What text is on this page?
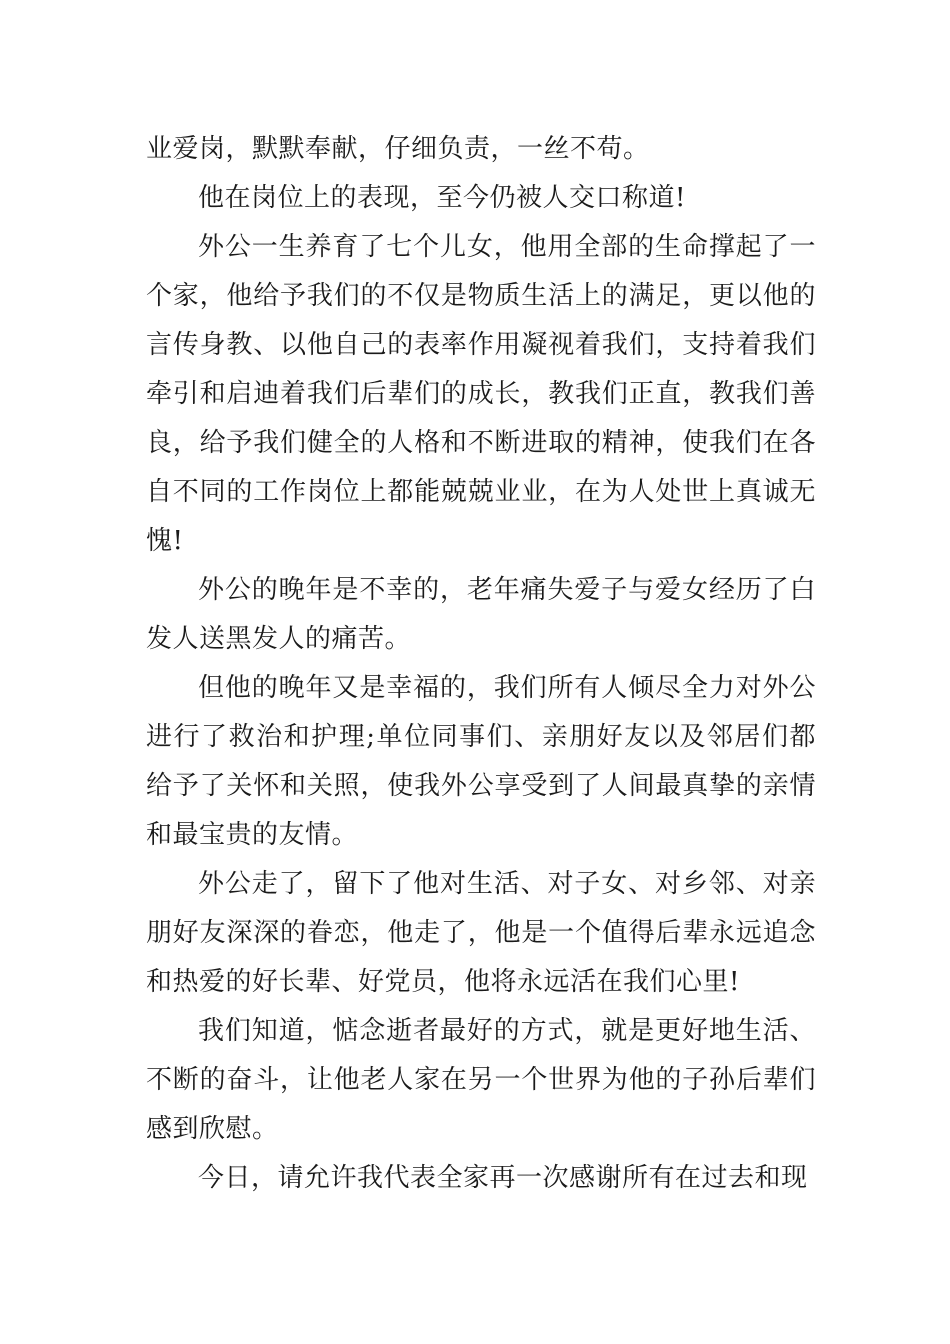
业爱岗，默默奉献，仔细负责，一丝不苟。

他在岗位上的表现，至今仍被人交口称道!

外公一生养育了七个儿女，他用全部的生命撑起了一个家，他给予我们的不仅是物质生活上的满足，更以他的言传身教、以他自己的表率作用凝视着我们，支持着我们牵引和启迪着我们后辈们的成长，教我们正直，教我们善良，给予我们健全的人格和不断进取的精神，使我们在各自不同的工作岗位上都能兢兢业业，在为人处世上真诚无愧!

外公的晚年是不幸的，老年痛失爱子与爱女经历了白发人送黑发人的痛苦。

但他的晚年又是幸福的，我们所有人倾尽全力对外公进行了救治和护理;单位同事们、亲朋好友以及邻居们都给予了关怀和关照，使我外公享受到了人间最真挚的亲情和最宝贵的友情。

外公走了，留下了他对生活、对子女、对乡邻、对亲朋好友深深的眷恋，他走了，他是一个值得后辈永远追念和热爱的好长辈、好党员，他将永远活在我们心里!

我们知道，惦念逝者最好的方式，就是更好地生活、不断的奋斗，让他老人家在另一个世界为他的子孙后辈们感到欣慰。

今日，请允许我代表全家再一次感谢所有在过去和现
